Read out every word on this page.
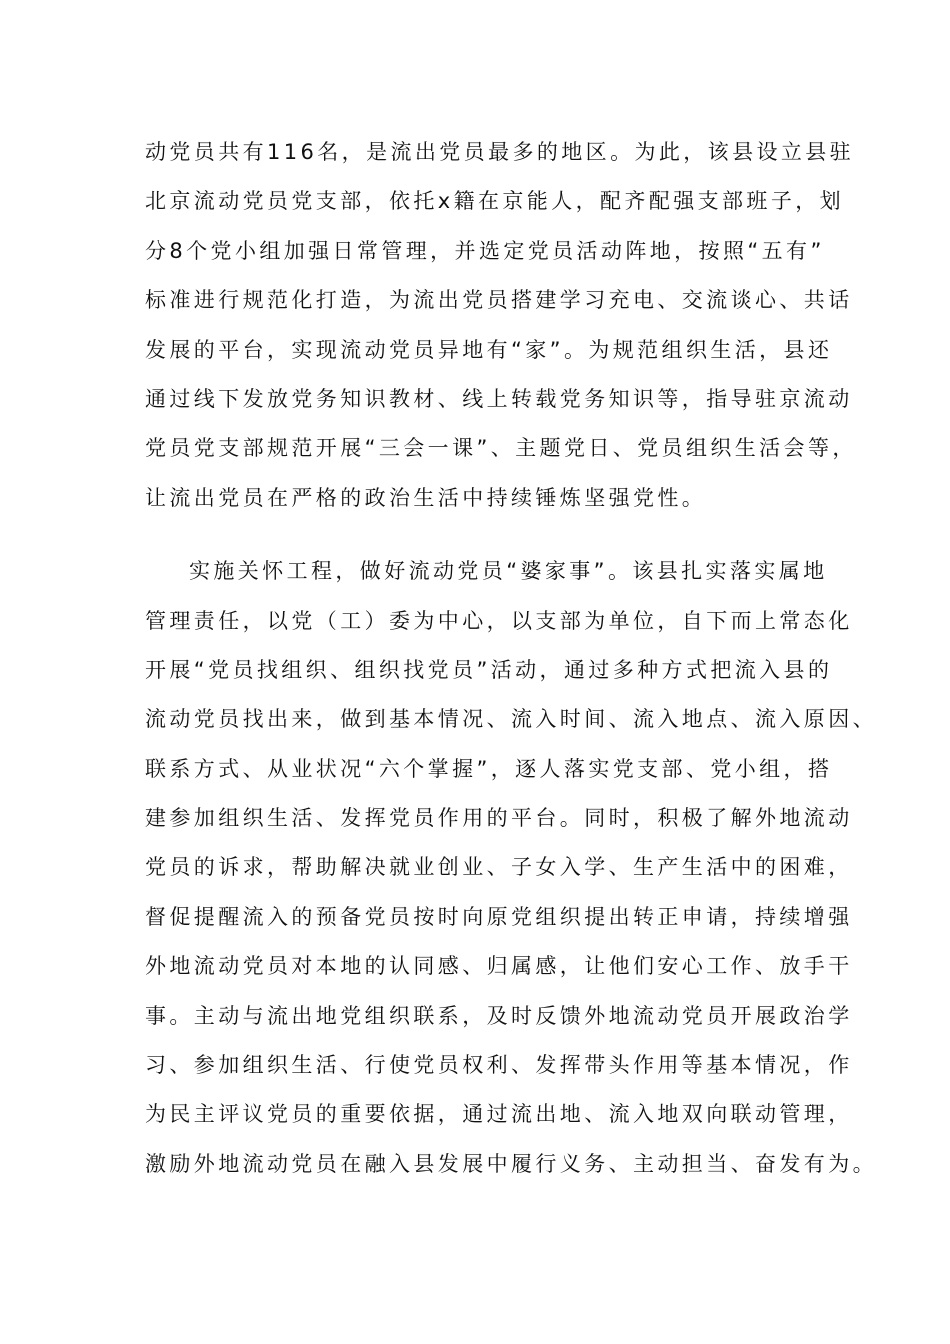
动党员共有116名，是流出党员最多的地区。为此，该县设立县驻

北京流动党员党支部，依托x籍在京能人，配齐配强支部班子，划

分8个党小组加强日常管理，并选定党员活动阵地，按照“五有”

标准进行规范化打造，为流出党员搭建学习充电、交流谈心、共话

发展的平台，实现流动党员异地有“家”。为规范组织生活，县还

通过线下发放党务知识教材、线上转载党务知识等，指导驻京流动

党员党支部规范开展“三会一课”、主题党日、党员组织生活会等，

让流出党员在严格的政治生活中持续锤炼坚强党性。

实施关怀工程，做好流动党员“婆家事”。该县扎实落实属地

管理责任，以党（工）委为中心，以支部为单位，自下而上常态化

开展“党员找组织、组织找党员”活动，通过多种方式把流入县的

流动党员找出来，做到基本情况、流入时间、流入地点、流入原因、

联系方式、从业状况“六个掌握”，逐人落实党支部、党小组，搭

建参加组织生活、发挥党员作用的平台。同时，积极了解外地流动

党员的诉求，帮助解决就业创业、子女入学、生产生活中的困难，

督促提醒流入的预备党员按时向原党组织提出转正申请，持续增强

外地流动党员对本地的认同感、归属感，让他们安心工作、放手干

事。主动与流出地党组织联系，及时反馈外地流动党员开展政治学

习、参加组织生活、行使党员权利、发挥带头作用等基本情况，作

为民主评议党员的重要依据，通过流出地、流入地双向联动管理，

激励外地流动党员在融入县发展中履行义务、主动担当、奋发有为。
